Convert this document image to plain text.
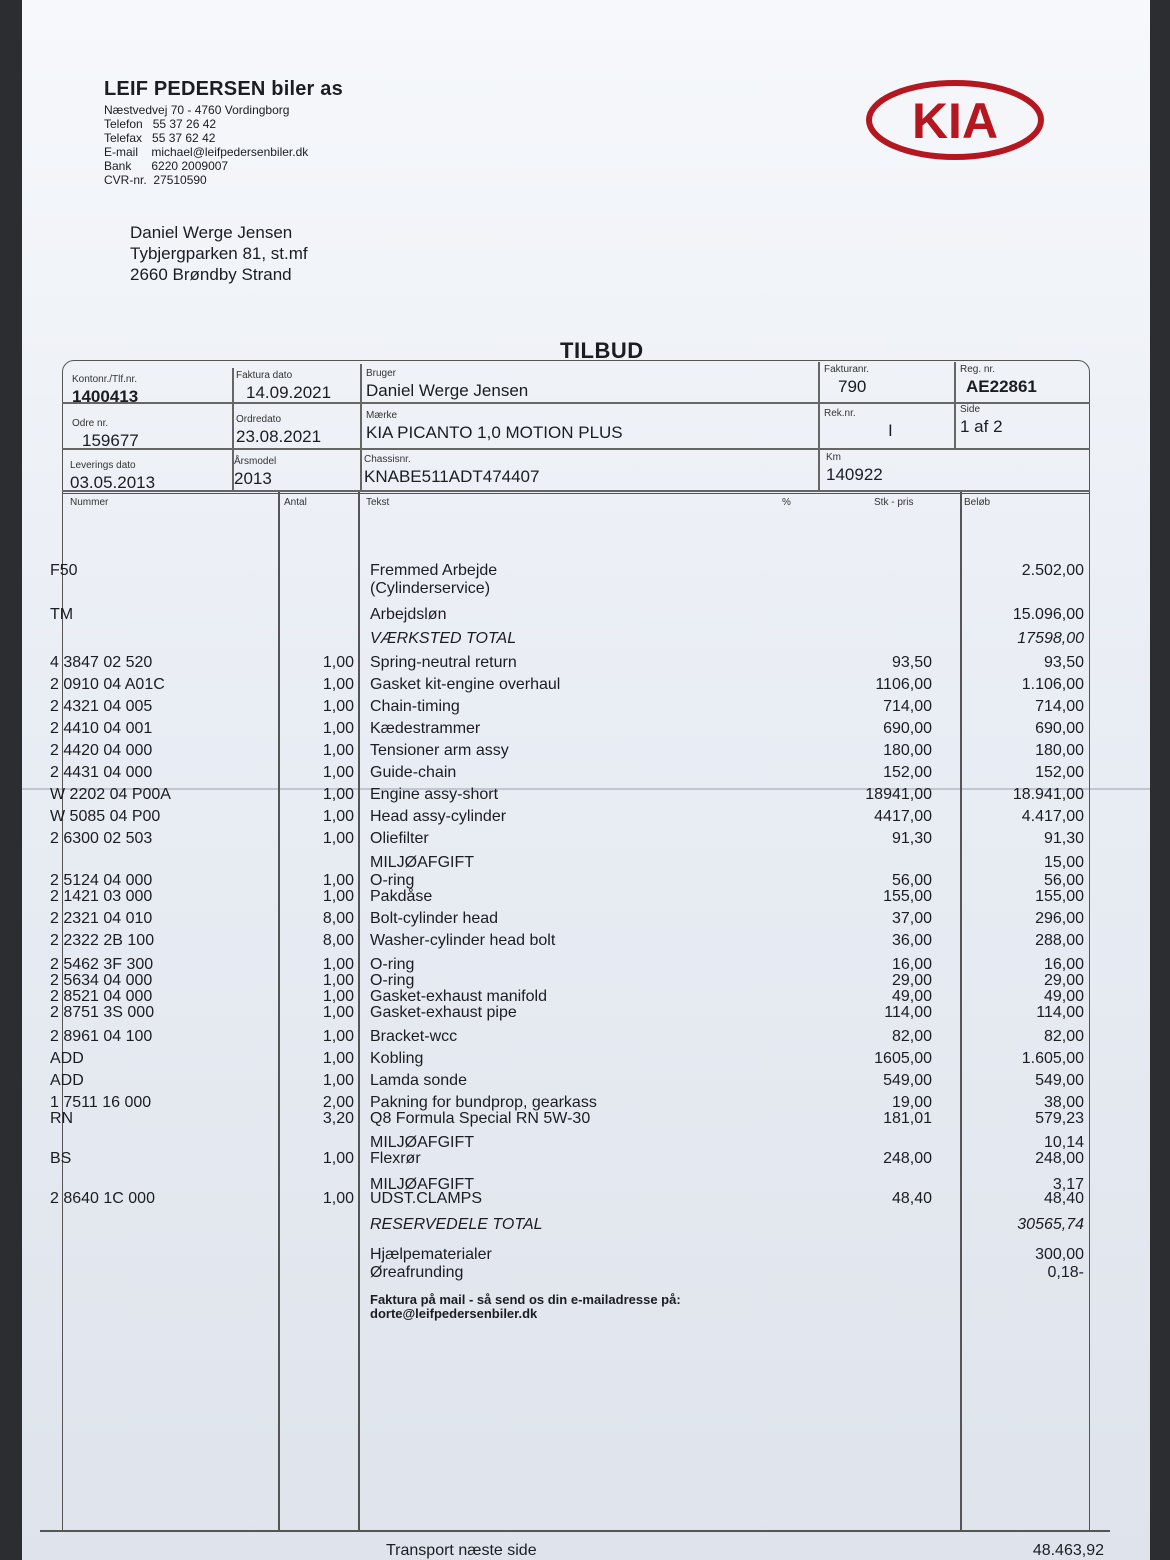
LEIF PEDERSEN biler as
Næstvedvej 70 - 4760 Vordingborg
Telefon   55 37 26 42
Telefax   55 37 62 42
E-mail    michael@leifpedersenbiler.dk
Bank      6220 2009007
CVR-nr.  27510590
KIA
Daniel Werge Jensen
Tybjergparken 81, st.mf
2660 Brøndby Strand
TILBUD
Kontonr./Tlf.nr.
1400413
Faktura dato
14.09.2021
Bruger
Daniel Werge Jensen
Fakturanr.
790
Reg. nr.
AE22861
Odre nr.
159677
Ordredato
23.08.2021
Mærke
KIA PICANTO 1,0 MOTION PLUS
Rek.nr.
I
Side
1 af 2
Leverings dato
03.05.2013
Årsmodel
2013
Chassisnr.
KNABE511ADT474407
Km
140922
Nummer	Antal	Tekst	%	Stk - pris	Beløb
F50	Fremmed Arbejde	2.502,00
(Cylinderservice)
TM	Arbejdsløn	15.096,00
VÆRKSTED TOTAL	17598,00
4 3847 02 520	1,00 Spring-neutral return	93,50	93,50
2 0910 04 A01C	1,00 Gasket kit-engine overhaul	1106,00	1.106,00
2 4321 04 005	1,00 Chain-timing	714,00	714,00
2 4410 04 001	1,00 Kædestrammer	690,00	690,00
2 4420 04 000	1,00 Tensioner arm assy	180,00	180,00
2 4431 04 000	1,00 Guide-chain	152,00	152,00
W 2202 04 P00A	1,00 Engine assy-short	18941,00	18.941,00
W 5085 04 P00	1,00 Head assy-cylinder	4417,00	4.417,00
2 6300 02 503	1,00 Oliefilter	91,30	91,30
MILJØAFGIFT	15,00
2 5124 04 000	1,00 O-ring	56,00	56,00
2 1421 03 000	1,00 Pakdåse	155,00	155,00
2 2321 04 010	8,00 Bolt-cylinder head	37,00	296,00
2 2322 2B 100	8,00 Washer-cylinder head bolt	36,00	288,00
2 5462 3F 300	1,00 O-ring	16,00	16,00
2 5634 04 000	1,00 O-ring	29,00	29,00
2 8521 04 000	1,00 Gasket-exhaust manifold	49,00	49,00
2 8751 3S 000	1,00 Gasket-exhaust pipe	114,00	114,00
2 8961 04 100	1,00 Bracket-wcc	82,00	82,00
ADD	1,00 Kobling	1605,00	1.605,00
ADD	1,00 Lamda sonde	549,00	549,00
1 7511 16 000	2,00 Pakning for bundprop, gearkass	19,00	38,00
RN	3,20 Q8 Formula Special RN 5W-30	181,01	579,23
MILJØAFGIFT	10,14
BS	1,00 Flexrør	248,00	248,00
MILJØAFGIFT	3,17
2 8640 1C 000	1,00 UDST.CLAMPS	48,40	48,40
RESERVEDELE TOTAL	30565,74
Hjælpematerialer	300,00
Øreafrunding	0,18-
Faktura på mail - så send os din e-mailadresse på:
dorte@leifpedersenbiler.dk
Transport næste side	48.463,92
